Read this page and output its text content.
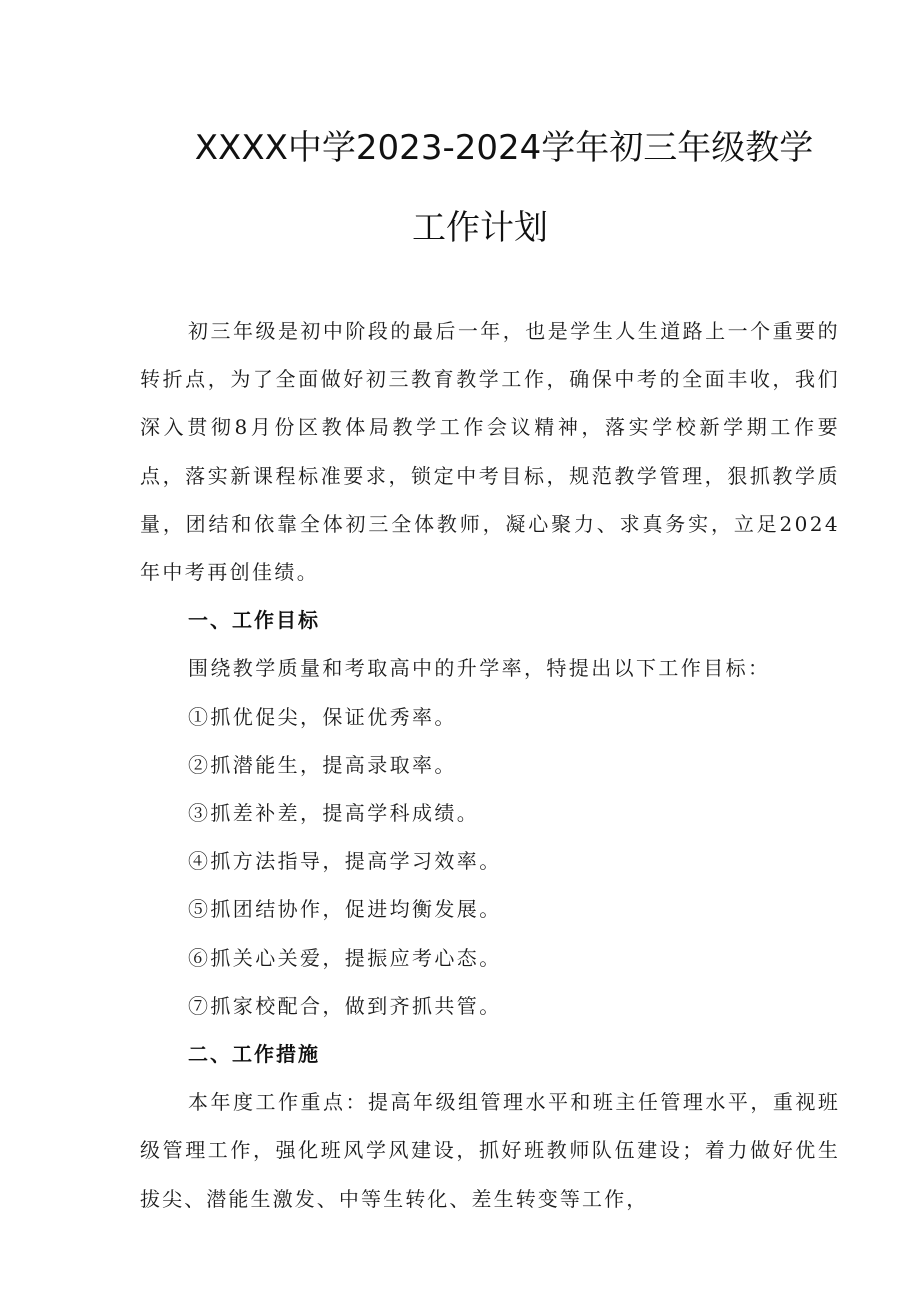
XXXX中学2023-2024学年初三年级教学
工作计划

初三年级是初中阶段的最后一年，也是学生人生道路上一个重要的转折点，为了全面做好初三教育教学工作，确保中考的全面丰收，我们深入贯彻8月份区教体局教学工作会议精神，落实学校新学期工作要点，落实新课程标准要求，锁定中考目标，规范教学管理，狠抓教学质量，团结和依靠全体初三全体教师，凝心聚力、求真务实，立足2024年中考再创佳绩。

一、工作目标

围绕教学质量和考取高中的升学率，特提出以下工作目标：

①抓优促尖，保证优秀率。

②抓潜能生，提高录取率。

③抓差补差，提高学科成绩。

④抓方法指导，提高学习效率。

⑤抓团结协作，促进均衡发展。

⑥抓关心关爱，提振应考心态。

⑦抓家校配合，做到齐抓共管。

二、工作措施

本年度工作重点：提高年级组管理水平和班主任管理水平，重视班级管理工作，强化班风学风建设，抓好班教师队伍建设；着力做好优生拔尖、潜能生激发、中等生转化、差生转变等工作，
